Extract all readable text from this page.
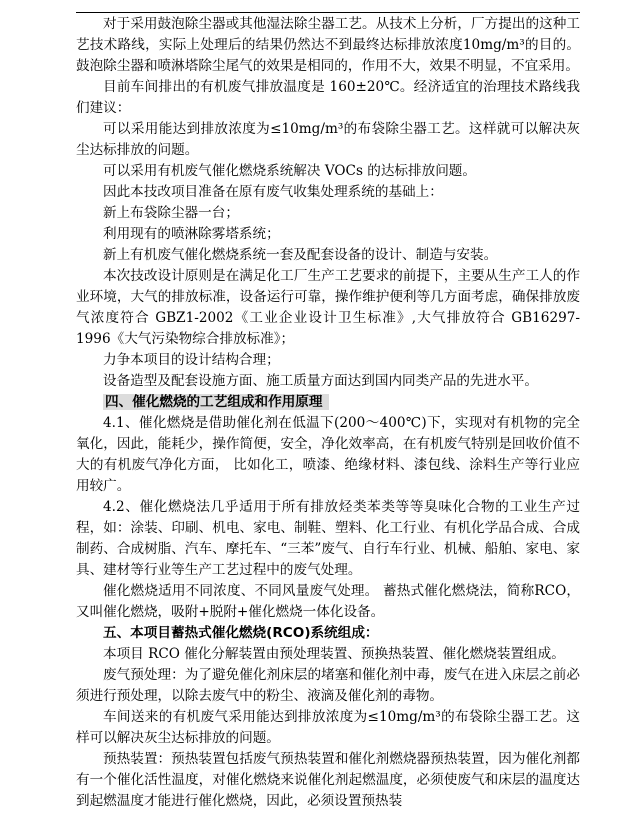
对于采用鼓泡除尘器或其他湿法除尘器工艺。从技术上分析，厂方提出的这种工艺技术路线，实际上处理后的结果仍然达不到最终达标排放浓度10mg/m³的目的。鼓泡除尘器和喷淋塔除尘尾气的效果是相同的，作用不大，效果不明显，不宜采用。

目前车间排出的有机废气排放温度是 160±20℃。经济适宜的治理技术路线我们建议：

可以采用能达到排放浓度为≤10mg/m³的布袋除尘器工艺。这样就可以解决灰尘达标排放的问题。

可以采用有机废气催化燃烧系统解决 VOCs 的达标排放问题。

因此本技改项目准备在原有废气收集处理系统的基础上：

新上布袋除尘器一台；

利用现有的喷淋除雾塔系统；

新上有机废气催化燃烧系统一套及配套设备的设计、制造与安装。

本次技改设计原则是在满足化工厂生产工艺要求的前提下，主要从生产工人的作业环境，大气的排放标准，设备运行可靠，操作维护便利等几方面考虑，确保排放废气浓度符合 GBZ1-2002《工业企业设计卫生标准》,大气排放符合 GB16297-1996《大气污染物综合排放标准》；

力争本项目的设计结构合理；

设备造型及配套设施方面、施工质量方面达到国内同类产品的先进水平。

四、催化燃烧的工艺组成和作用原理

4.1、催化燃烧是借助催化剂在低温下(200～400℃)下，实现对有机物的完全氧化，因此，能耗少，操作简便，安全，净化效率高，在有机废气特别是回收价值不大的有机废气净化方面， 比如化工，喷漆、绝缘材料、漆包线、涂料生产等行业应用较广。

4.2、催化燃烧法几乎适用于所有排放烃类苯类等等臭味化合物的工业生产过程，如：涂装、印刷、机电、家电、制鞋、塑料、化工行业、有机化学品合成、合成制药、合成树脂、汽车、摩托车、“三苯”废气、自行车行业、机械、船舶、家电、家具、建材等行业等生产工艺过程中的废气处理。

催化燃烧适用不同浓度、不同风量废气处理。 蓄热式催化燃烧法，简称RCO，又叫催化燃烧，吸附+脱附+催化燃烧一体化设备。

五、本项目蓄热式催化燃烧(RCO)系统组成：

本项目 RCO 催化分解装置由预处理装置、预换热装置、催化燃烧装置组成。

废气预处理：为了避免催化剂床层的堵塞和催化剂中毒，废气在进入床层之前必须进行预处理，以除去废气中的粉尘、液滴及催化剂的毒物。

车间送来的有机废气采用能达到排放浓度为≤10mg/m³的布袋除尘器工艺。这样可以解决灰尘达标排放的问题。

预热装置：预热装置包括废气预热装置和催化剂燃烧器预热装置，因为催化剂都有一个催化活性温度，对催化燃烧来说催化剂起燃温度，必须使废气和床层的温度达到起燃温度才能进行催化燃烧，因此，必须设置预热装
